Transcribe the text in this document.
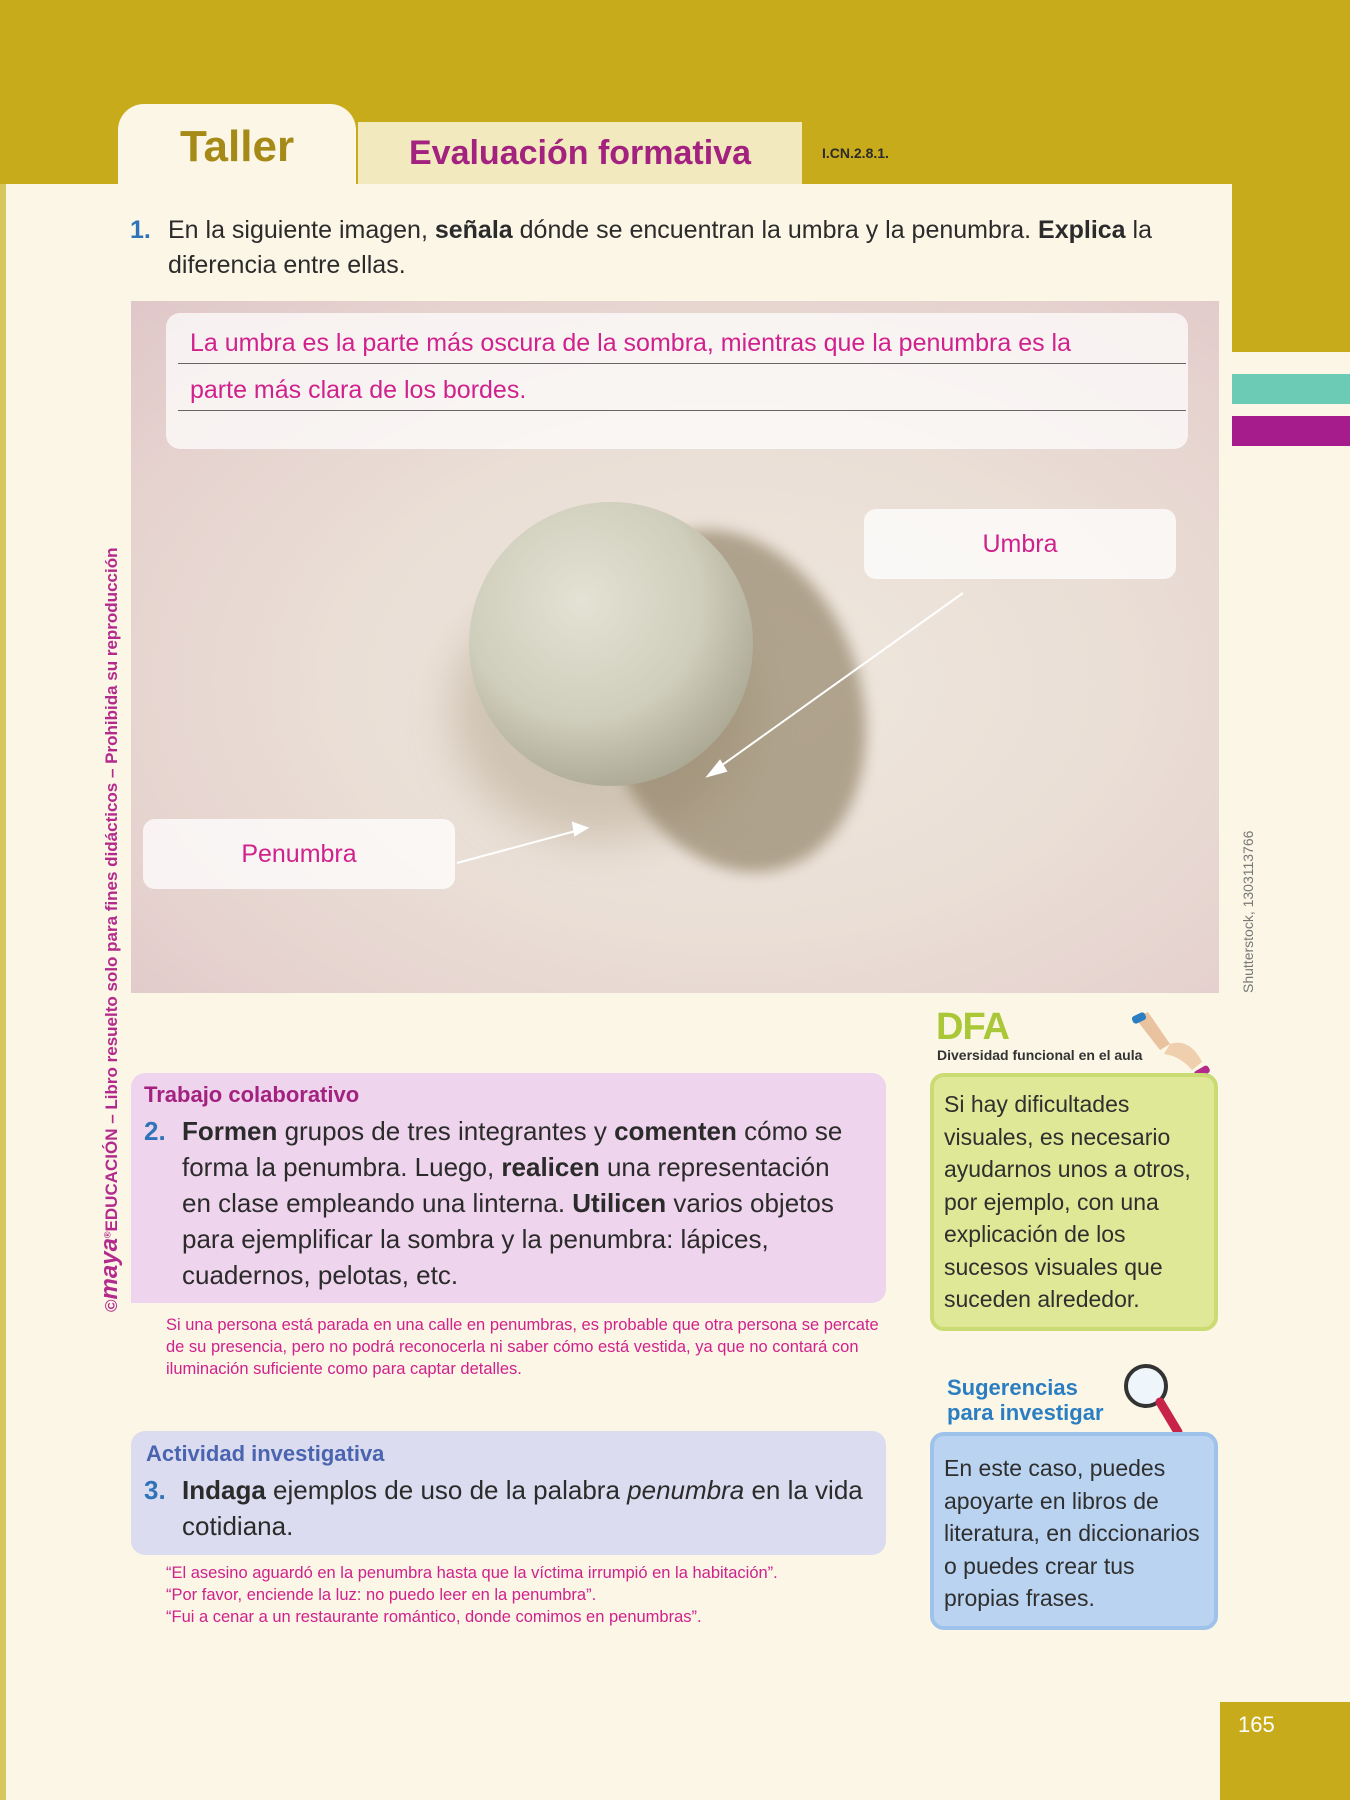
Taller	Evaluación formativa	I.CN.2.8.1.
©maya®EDUCACIÓN – Libro resuelto solo para fines didácticos – Prohibida su reproducción
1. En la siguiente imagen, señala dónde se encuentran la umbra y la penumbra. Explica la diferencia entre ellas.
La umbra es la parte más oscura de la sombra, mientras que la penumbra es la
parte más clara de los bordes.
Umbra
Penumbra	Shutterstock, 1303113766
Trabajo colaborativo
2. Formen grupos de tres integrantes y comenten cómo se forma la penumbra. Luego, realicen una representación en clase empleando una linterna. Utilicen varios objetos para ejemplificar la sombra y la penumbra: lápices, cuadernos, pelotas, etc.
Si una persona está parada en una calle en penumbras, es probable que otra persona se percate de su presencia, pero no podrá reconocerla ni saber cómo está vestida, ya que no contará con iluminación suficiente como para captar detalles.
Actividad investigativa
3. Indaga ejemplos de uso de la palabra penumbra en la vida cotidiana.
“El asesino aguardó en la penumbra hasta que la víctima irrumpió en la habitación”.
“Por favor, enciende la luz: no puedo leer en la penumbra”.
“Fui a cenar a un restaurante romántico, donde comimos en penumbras”.
DFA
Diversidad funcional en el aula
Si hay dificultades visuales, es necesario ayudarnos unos a otros, por ejemplo, con una explicación de los sucesos visuales que suceden alrededor.
Sugerencias
para investigar
En este caso, puedes apoyarte en libros de literatura, en diccionarios o puedes crear tus propias frases.
165
